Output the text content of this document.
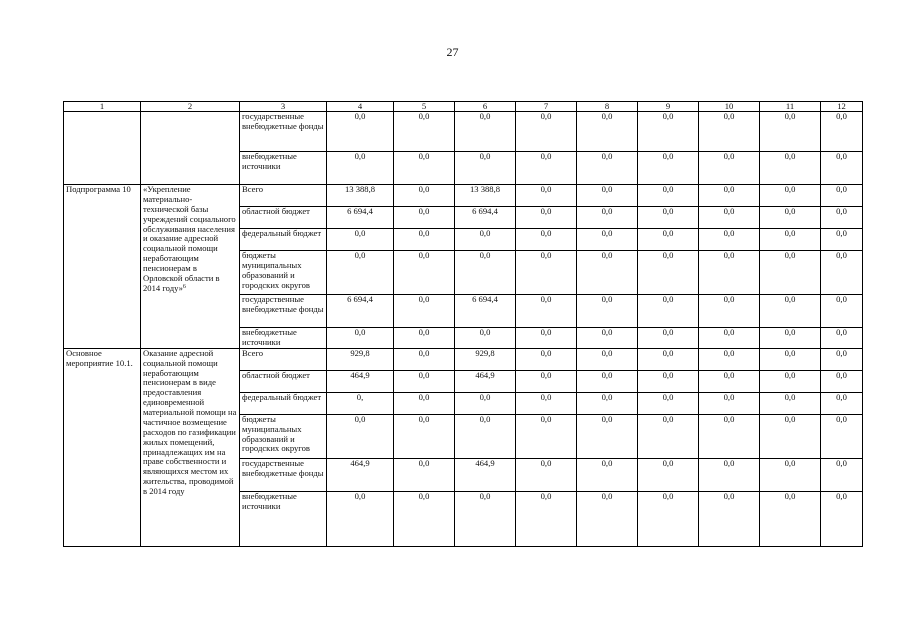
27
1	2	3	4	5	6	7	8	9	10	11	12
		государственные внебюджетные фонды	0,0	0,0	0,0	0,0	0,0	0,0	0,0	0,0	0,0
		внебюджетные источники	0,0	0,0	0,0	0,0	0,0	0,0	0,0	0,0	0,0
Подпрограмма 10	«Укрепление материально-технической базы учреждений социального обслуживания населения и оказание адресной социальной помощи неработающим пенсионерам в Орловской области в 2014 году»$^6$	Всего	13 388,8	0,0	13 388,8	0,0	0,0	0,0	0,0	0,0	0,0
		областной бюджет	6 694,4	0,0	6 694,4	0,0	0,0	0,0	0,0	0,0	0,0
		федеральный бюджет	0,0	0,0	0,0	0,0	0,0	0,0	0,0	0,0	0,0
		бюджеты муниципальных образований и городских округов	0,0	0,0	0,0	0,0	0,0	0,0	0,0	0,0	0,0
		государственные внебюджетные фонды	6 694,4	0,0	6 694,4	0,0	0,0	0,0	0,0	0,0	0,0
		внебюджетные источники	0,0	0,0	0,0	0,0	0,0	0,0	0,0	0,0	0,0
Основное мероприятие 10.1.	Оказание адресной социальной помощи неработающим пенсионерам в виде предоставления единовременной материальной помощи на частичное возмещение расходов по газификации жилых помещений, принадлежащих им на праве собственности и являющихся местом их жительства, проводимой в 2014 году	Всего	929,8	0,0	929,8	0,0	0,0	0,0	0,0	0,0	0,0
		областной бюджет	464,9	0,0	464,9	0,0	0,0	0,0	0,0	0,0	0,0
		федеральный бюджет	0,	0,0	0,0	0,0	0,0	0,0	0,0	0,0	0,0
		бюджеты муниципальных образований и городских округов	0,0	0,0	0,0	0,0	0,0	0,0	0,0	0,0	0,0
		государственные внебюджетные фонды	464,9	0,0	464,9	0,0	0,0	0,0	0,0	0,0	0,0
		внебюджетные источники	0,0	0,0	0,0	0,0	0,0	0,0	0,0	0,0	0,0
